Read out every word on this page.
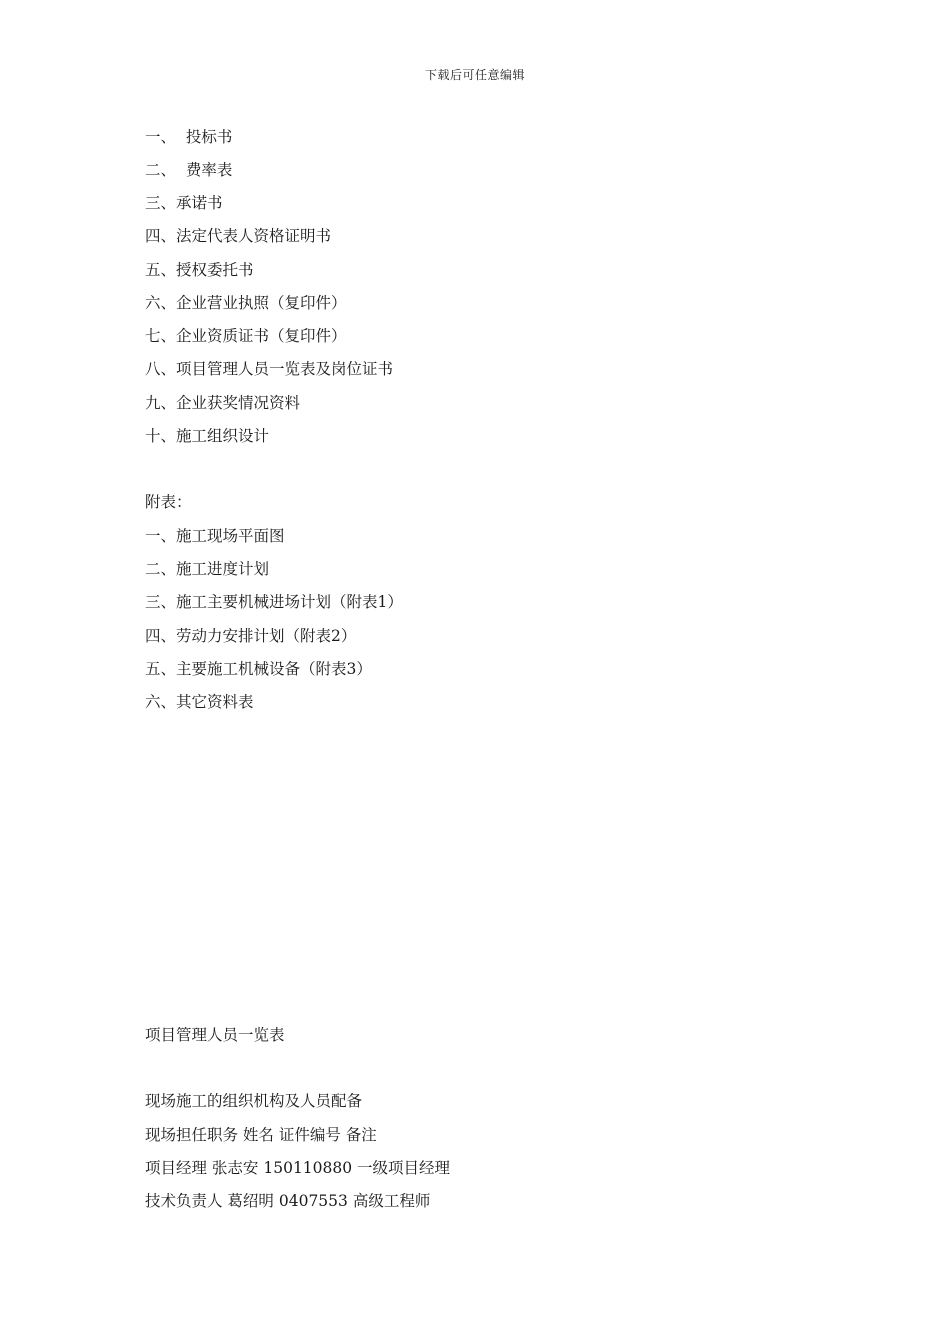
下载后可任意编辑
一、  投标书
二、  费率表
三、承诺书
四、法定代表人资格证明书
五、授权委托书
六、企业营业执照（复印件）
七、企业资质证书（复印件）
八、项目管理人员一览表及岗位证书
九、企业获奖情况资料
十、施工组织设计
附表：
一、施工现场平面图
二、施工进度计划
三、施工主要机械进场计划（附表1）
四、劳动力安排计划（附表2）
五、主要施工机械设备（附表3）
六、其它资料表
项目管理人员一览表
现场施工的组织机构及人员配备
现场担任职务 姓名 证件编号 备注
项目经理 张志安 150110880 一级项目经理
技术负责人 葛绍明 0407553 高级工程师
